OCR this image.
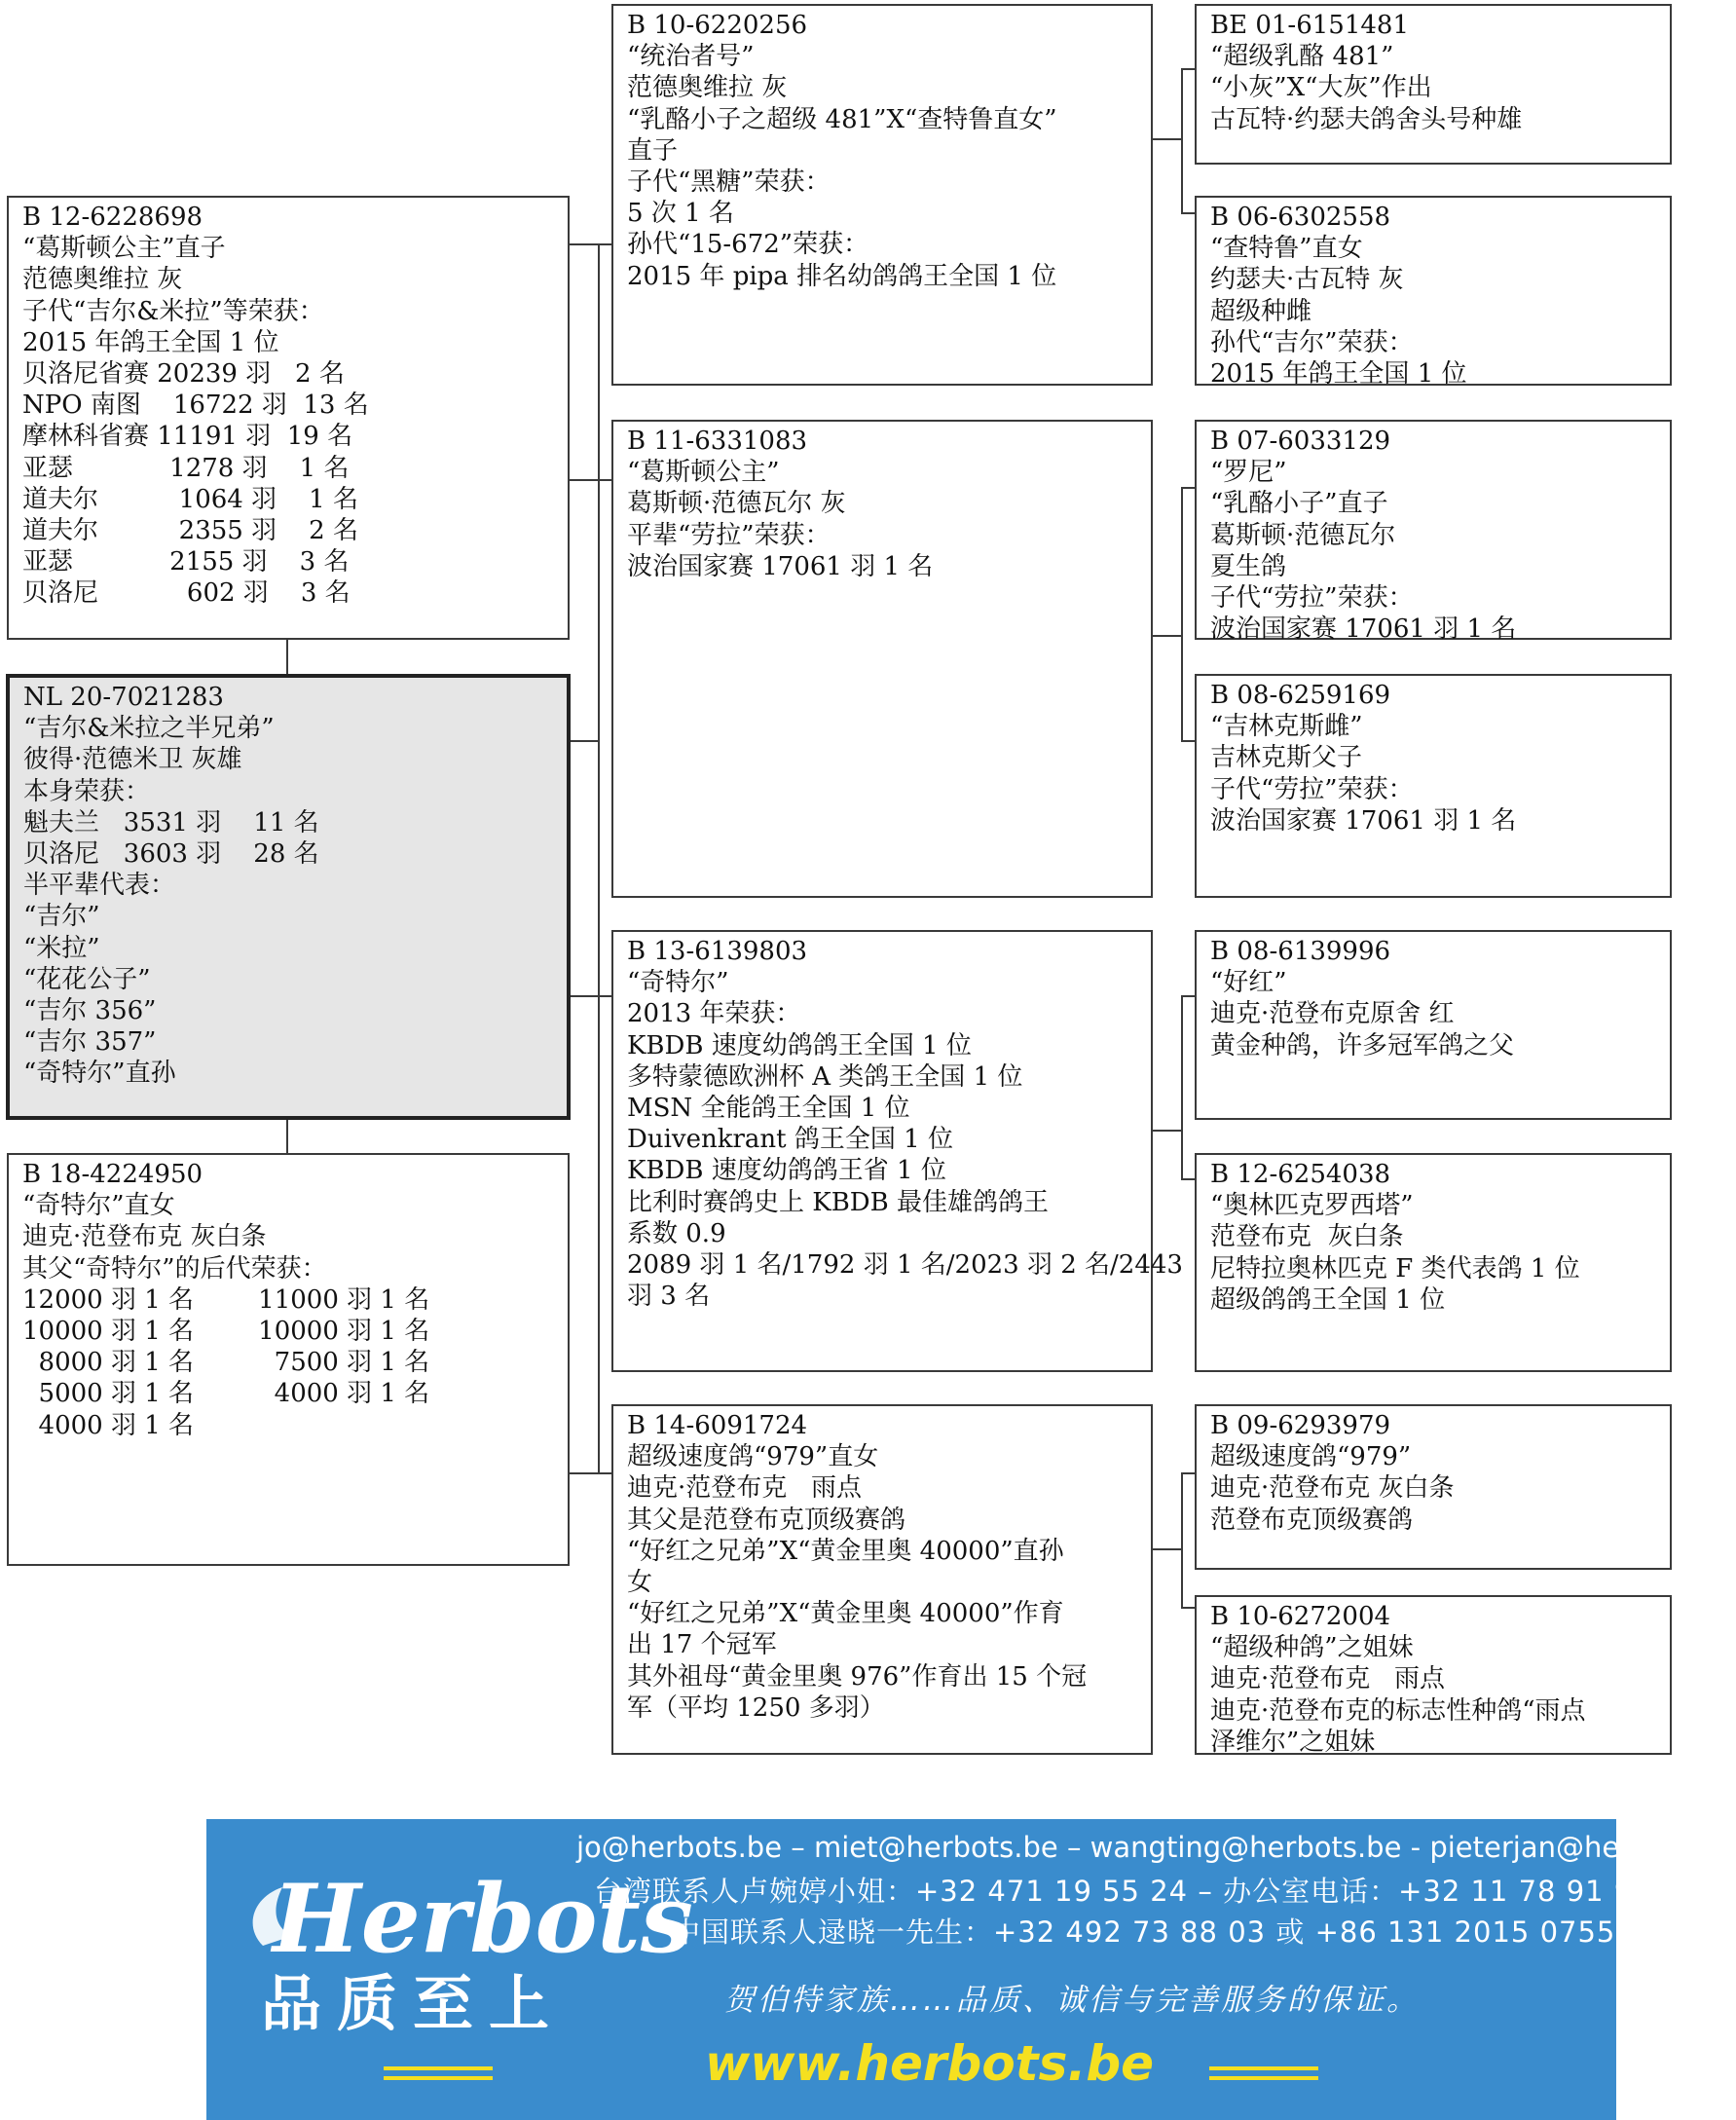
B 12-6228698
“葛斯顿公主”直子
范德奥维拉 灰
子代“吉尔&米拉”等荣获：
2015 年鸽王全国 1 位
贝洛尼省赛 20239 羽   2 名
NPO 南图    16722 羽  13 名
摩林科省赛 11191 羽  19 名
亚瑟            1278 羽    1 名
道夫尔          1064 羽    1 名
道夫尔          2355 羽    2 名
亚瑟            2155 羽    3 名
贝洛尼           602 羽    3 名
NL 20-7021283
“吉尔&米拉之半兄弟”
彼得·范德米卫 灰雄
本身荣获：
魁夫兰   3531 羽    11 名
贝洛尼   3603 羽    28 名
半平辈代表：
“吉尔”
“米拉”
“花花公子”
“吉尔 356”
“吉尔 357”
“奇特尔”直孙
B 18-4224950
“奇特尔”直女
迪克·范登布克 灰白条
其父“奇特尔”的后代荣获：
12000 羽 1 名        11000 羽 1 名
10000 羽 1 名        10000 羽 1 名
8000 羽 1 名          7500 羽 1 名
5000 羽 1 名          4000 羽 1 名
4000 羽 1 名
B 10-6220256
“统治者号”
范德奥维拉 灰
“乳酪小子之超级 481”X“查特鲁直女”
直子
子代“黑糖”荣获：
5 次 1 名
孙代“15-672”荣获：
2015 年 pipa 排名幼鸽鸽王全国 1 位
B 11-6331083
“葛斯顿公主”
葛斯顿·范德瓦尔 灰
平辈“劳拉”荣获：
波治国家赛 17061 羽 1 名
B 13-6139803
“奇特尔”
2013 年荣获：
KBDB 速度幼鸽鸽王全国 1 位
多特蒙德欧洲杯 A 类鸽王全国 1 位
MSN 全能鸽王全国 1 位
Duivenkrant 鸽王全国 1 位
KBDB 速度幼鸽鸽王省 1 位
比利时赛鸽史上 KBDB 最佳雄鸽鸽王
系数 0.9
2089 羽 1 名/1792 羽 1 名/2023 羽 2 名/2443
羽 3 名
B 14-6091724
超级速度鸽“979”直女
迪克·范登布克   雨点
其父是范登布克顶级赛鸽
“好红之兄弟”X“黄金里奥 40000”直孙
女
“好红之兄弟”X“黄金里奥 40000”作育
出 17 个冠军
其外祖母“黄金里奥 976”作育出 15 个冠
军（平均 1250 多羽）
BE 01-6151481
“超级乳酪 481”
“小灰”X“大灰”作出
古瓦特·约瑟夫鸽舍头号种雄
B 06-6302558
“查特鲁”直女
约瑟夫·古瓦特 灰
超级种雌
孙代“吉尔”荣获：
2015 年鸽王全国 1 位
B 07-6033129
“罗尼”
“乳酪小子”直子
葛斯顿·范德瓦尔
夏生鸽
子代“劳拉”荣获：
波治国家赛 17061 羽 1 名
B 08-6259169
“吉林克斯雌”
吉林克斯父子
子代“劳拉”荣获：
波治国家赛 17061 羽 1 名
B 08-6139996
“好红”
迪克·范登布克原舍 红
黄金种鸽，许多冠军鸽之父
B 12-6254038
“奥林匹克罗西塔”
范登布克  灰白条
尼特拉奥林匹克 F 类代表鸽 1 位
超级鸽鸽王全国 1 位
B 09-6293979
超级速度鸽“979”
迪克·范登布克 灰白条
范登布克顶级赛鸽
B 10-6272004
“超级种鸽”之姐妹
迪克·范登布克   雨点
迪克·范登布克的标志性种鸽“雨点
泽维尔”之姐妹
Herbots
品质至上
jo@herbots.be – miet@herbots.be – wangting@herbots.be - pieterjan@herbots.be
台湾联系人卢婉婷小姐：+32 471 19 55 24 – 办公室电话：+32 11 78 91 90
中国联系人逯晓一先生：+32 492 73 88 03 或 +86 131 2015 0755
贺伯特家族……品质、诚信与完善服务的保证。
www.herbots.be
